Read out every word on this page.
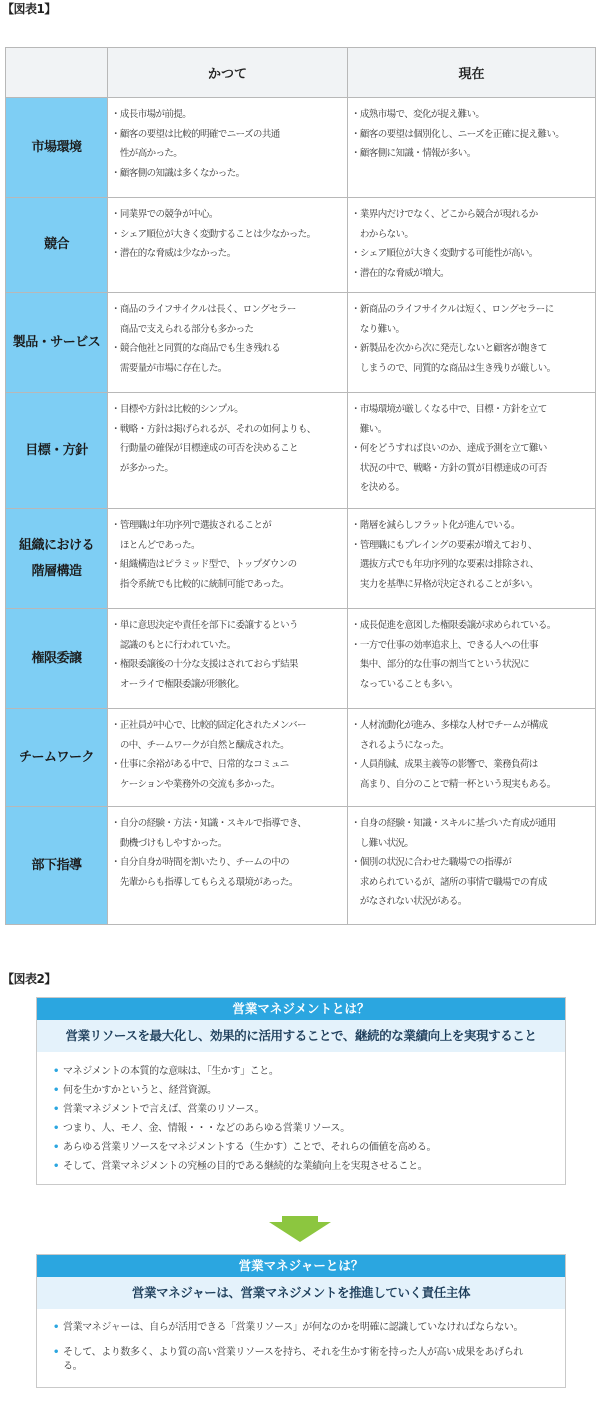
【図表1】
	かつて	現在

市場環境	・成長市場が前提。
・顧客の要望は比較的明確でニーズの共通
　性が高かった。
・顧客側の知識は多くなかった。	・成熟市場で、変化が捉え難い。
・顧客の要望は個別化し、ニーズを正確に捉え難い。
・顧客側に知識・情報が多い。

競合	・同業界での競争が中心。
・シェア順位が大きく変動することは少なかった。
・潜在的な脅威は少なかった。	・業界内だけでなく、どこから競合が現れるか
　わからない。
・シェア順位が大きく変動する可能性が高い。
・潜在的な脅威が増大。

製品・サービス	・商品のライフサイクルは長く、ロングセラー
　商品で支えられる部分も多かった
・競合他社と同質的な商品でも生き残れる
　需要量が市場に存在した。	・新商品のライフサイクルは短く、ロングセラーに
　なり難い。
・新製品を次から次に発売しないと顧客が飽きて
　しまうので、同質的な商品は生き残りが厳しい。

目標・方針	・目標や方針は比較的シンプル。
・戦略・方針は掲げられるが、それの如何よりも、
　行動量の確保が目標達成の可否を決めること
　が多かった。	・市場環境が厳しくなる中で、目標・方針を立て
　難い。
・何をどうすれば良いのか、達成予測を立て難い
　状況の中で、戦略・方針の質が目標達成の可否
　を決める。

組織における
階層構造	・管理職は年功序列で選抜されることが
　ほとんどであった。
・組織構造はピラミッド型で、トップダウンの
　指令系統でも比較的に統制可能であった。	・階層を減らしフラット化が進んでいる。
・管理職にもプレイングの要素が増えており、
　選抜方式でも年功序列的な要素は排除され、
　実力を基準に昇格が決定されることが多い。

権限委譲	・単に意思決定や責任を部下に委譲するという
　認識のもとに行われていた。
・権限委譲後の十分な支援はされておらず結果
　オーライで権限委譲が形骸化。	・成長促進を意図した権限委譲が求められている。
・一方で仕事の効率追求上、できる人への仕事
　集中、部分的な仕事の割当てという状況に
　なっていることも多い。

チームワーク	・正社員が中心で、比較的固定化されたメンバー
　の中、チームワークが自然と醸成された。
・仕事に余裕がある中で、日常的なコミュニ
　ケーションや業務外の交流も多かった。	・人材流動化が進み、多様な人材でチームが構成
　されるようになった。
・人員削減、成果主義等の影響で、業務負荷は
　高まり、自分のことで精一杯という現実もある。

部下指導	・自分の経験・方法・知識・スキルで指導でき、
　動機づけもしやすかった。
・自分自身が時間を割いたり、チームの中の
　先輩からも指導してもらえる環境があった。	・自身の経験・知識・スキルに基づいた育成が通用
　し難い状況。
・個別の状況に合わせた職場での指導が
　求められているが、諸所の事情で職場での育成
　がなされない状況がある。
【図表2】
営業マネジメントとは？
営業リソースを最大化し、効果的に活用することで、継続的な業績向上を実現すること
• マネジメントの本質的な意味は、「生かす」こと。
• 何を生かすかというと、経営資源。
• 営業マネジメントで言えば、営業のリソース。
• つまり、人、モノ、金、情報・・・などのあらゆる営業リソース。
• あらゆる営業リソースをマネジメントする（生かす）ことで、それらの価値を高める。
• そして、営業マネジメントの究極の目的である継続的な業績向上を実現させること。
営業マネジャーとは？
営業マネジャーは、営業マネジメントを推進していく責任主体
• 営業マネジャーは、自らが活用できる「営業リソース」が何なのかを明確に認識していなければならない。
• そして、より数多く、より質の高い営業リソースを持ち、それを生かす術を持った人が高い成果をあげられる。
